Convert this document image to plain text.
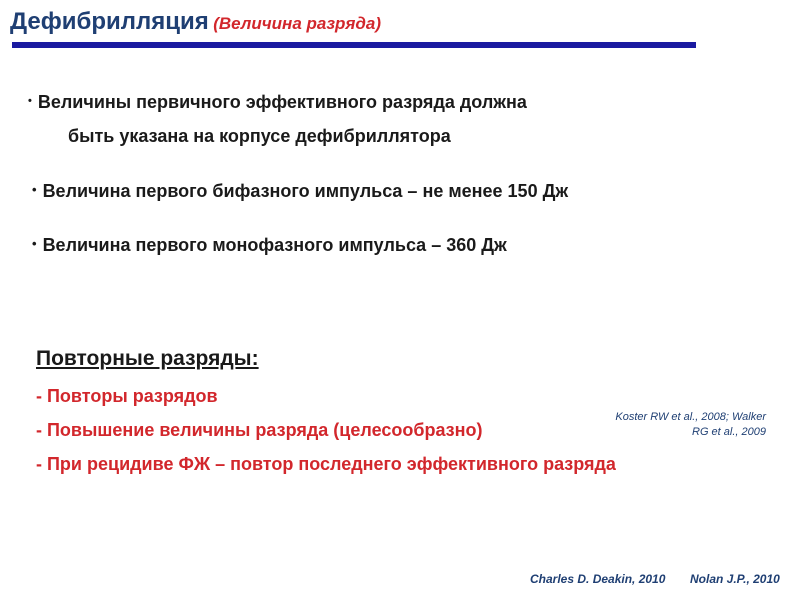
Дефибрилляция (Величина разряда)
• Величины первичного эффективного разряда должна
быть указана на корпусе дефибриллятора
• Величина первого бифазного импульса – не менее 150 Дж
• Величина первого монофазного импульса – 360 Дж
Повторные разряды:
- Повторы разрядов
- Повышение величины разряда (целесообразно)
- При рецидиве ФЖ – повтор последнего эффективного разряда
Koster RW et al., 2008; Walker
RG et al., 2009
Charles D. Deakin, 2010 Nolan J.P., 2010
